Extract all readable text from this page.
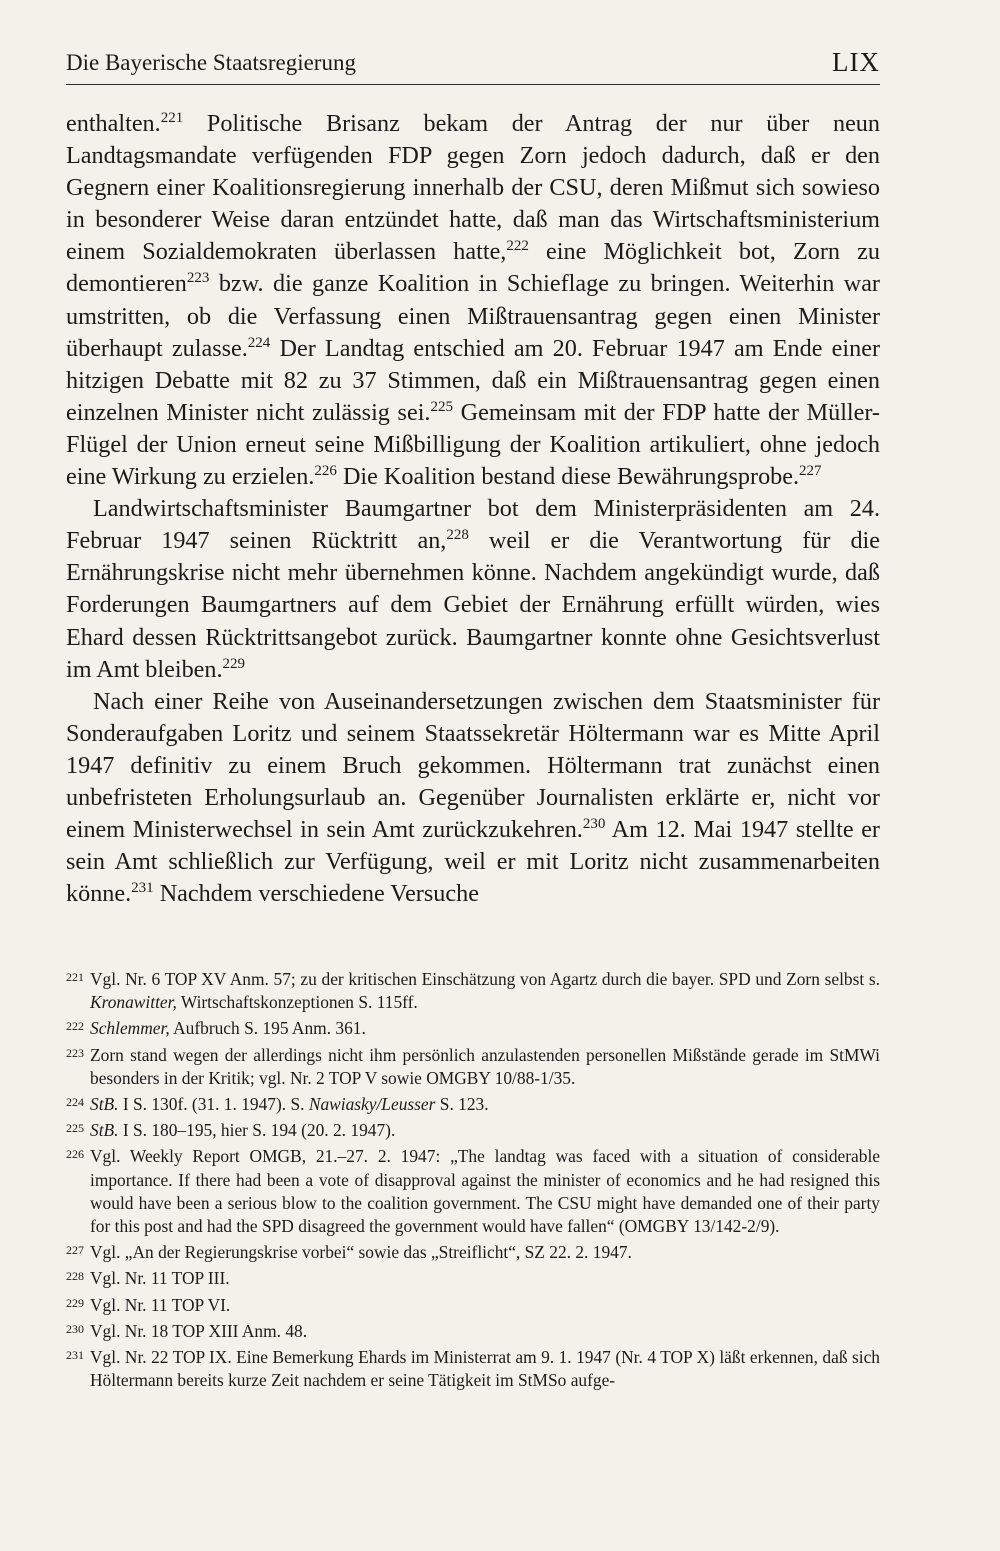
Die Bayerische Staatsregierung	LIX

enthalten.$^{221}$ Politische Brisanz bekam der Antrag der nur über neun Landtagsmandate verfügenden FDP gegen Zorn jedoch dadurch, daß er den Gegnern einer Koalitionsregierung innerhalb der CSU, deren Mißmut sich sowieso in besonderer Weise daran entzündet hatte, daß man das Wirtschaftsministerium einem Sozialdemokraten überlassen hatte,$^{222}$ eine Möglichkeit bot, Zorn zu demontieren$^{223}$ bzw. die ganze Koalition in Schieflage zu bringen. Weiterhin war umstritten, ob die Verfassung einen Mißtrauensantrag gegen einen Minister überhaupt zulasse.$^{224}$ Der Landtag entschied am 20. Februar 1947 am Ende einer hitzigen Debatte mit 82 zu 37 Stimmen, daß ein Mißtrauensantrag gegen einen einzelnen Minister nicht zulässig sei.$^{225}$ Gemeinsam mit der FDP hatte der Müller-Flügel der Union erneut seine Mißbilligung der Koalition artikuliert, ohne jedoch eine Wirkung zu erzielen.$^{226}$ Die Koalition bestand diese Bewährungsprobe.$^{227}$

Landwirtschaftsminister Baumgartner bot dem Ministerpräsidenten am 24. Februar 1947 seinen Rücktritt an,$^{228}$ weil er die Verantwortung für die Ernährungskrise nicht mehr übernehmen könne. Nachdem angekündigt wurde, daß Forderungen Baumgartners auf dem Gebiet der Ernährung erfüllt würden, wies Ehard dessen Rücktrittsangebot zurück. Baumgartner konnte ohne Gesichtsverlust im Amt bleiben.$^{229}$

Nach einer Reihe von Auseinandersetzungen zwischen dem Staatsminister für Sonderaufgaben Loritz und seinem Staatssekretär Höltermann war es Mitte April 1947 definitiv zu einem Bruch gekommen. Höltermann trat zunächst einen unbefristeten Erholungsurlaub an. Gegenüber Journalisten erklärte er, nicht vor einem Ministerwechsel in sein Amt zurückzukehren.$^{230}$ Am 12. Mai 1947 stellte er sein Amt schließlich zur Verfügung, weil er mit Loritz nicht zusammenarbeiten könne.$^{231}$ Nachdem verschiedene Versuche

221 Vgl. Nr. 6 TOP XV Anm. 57; zu der kritischen Einschätzung von Agartz durch die bayer. SPD und Zorn selbst s. Kronawitter, Wirtschaftskonzeptionen S. 115ff.
222 Schlemmer, Aufbruch S. 195 Anm. 361.
223 Zorn stand wegen der allerdings nicht ihm persönlich anzulastenden personellen Mißstände gerade im StMWi besonders in der Kritik; vgl. Nr. 2 TOP V sowie OMGBY 10/88-1/35.
224 StB. I S. 130f. (31. 1. 1947). S. Nawiasky/Leusser S. 123.
225 StB. I S. 180–195, hier S. 194 (20. 2. 1947).
226 Vgl. Weekly Report OMGB, 21.–27. 2. 1947: „The landtag was faced with a situation of considerable importance. If there had been a vote of disapproval against the minister of economics and he had resigned this would have been a serious blow to the coalition government. The CSU might have demanded one of their party for this post and had the SPD disagreed the government would have fallen“ (OMGBY 13/142-2/9).
227 Vgl. „An der Regierungskrise vorbei“ sowie das „Streiflicht“, SZ 22. 2. 1947.
228 Vgl. Nr. 11 TOP III.
229 Vgl. Nr. 11 TOP VI.
230 Vgl. Nr. 18 TOP XIII Anm. 48.
231 Vgl. Nr. 22 TOP IX. Eine Bemerkung Ehards im Ministerrat am 9. 1. 1947 (Nr. 4 TOP X) läßt erkennen, daß sich Höltermann bereits kurze Zeit nachdem er seine Tätigkeit im StMSo aufge-
